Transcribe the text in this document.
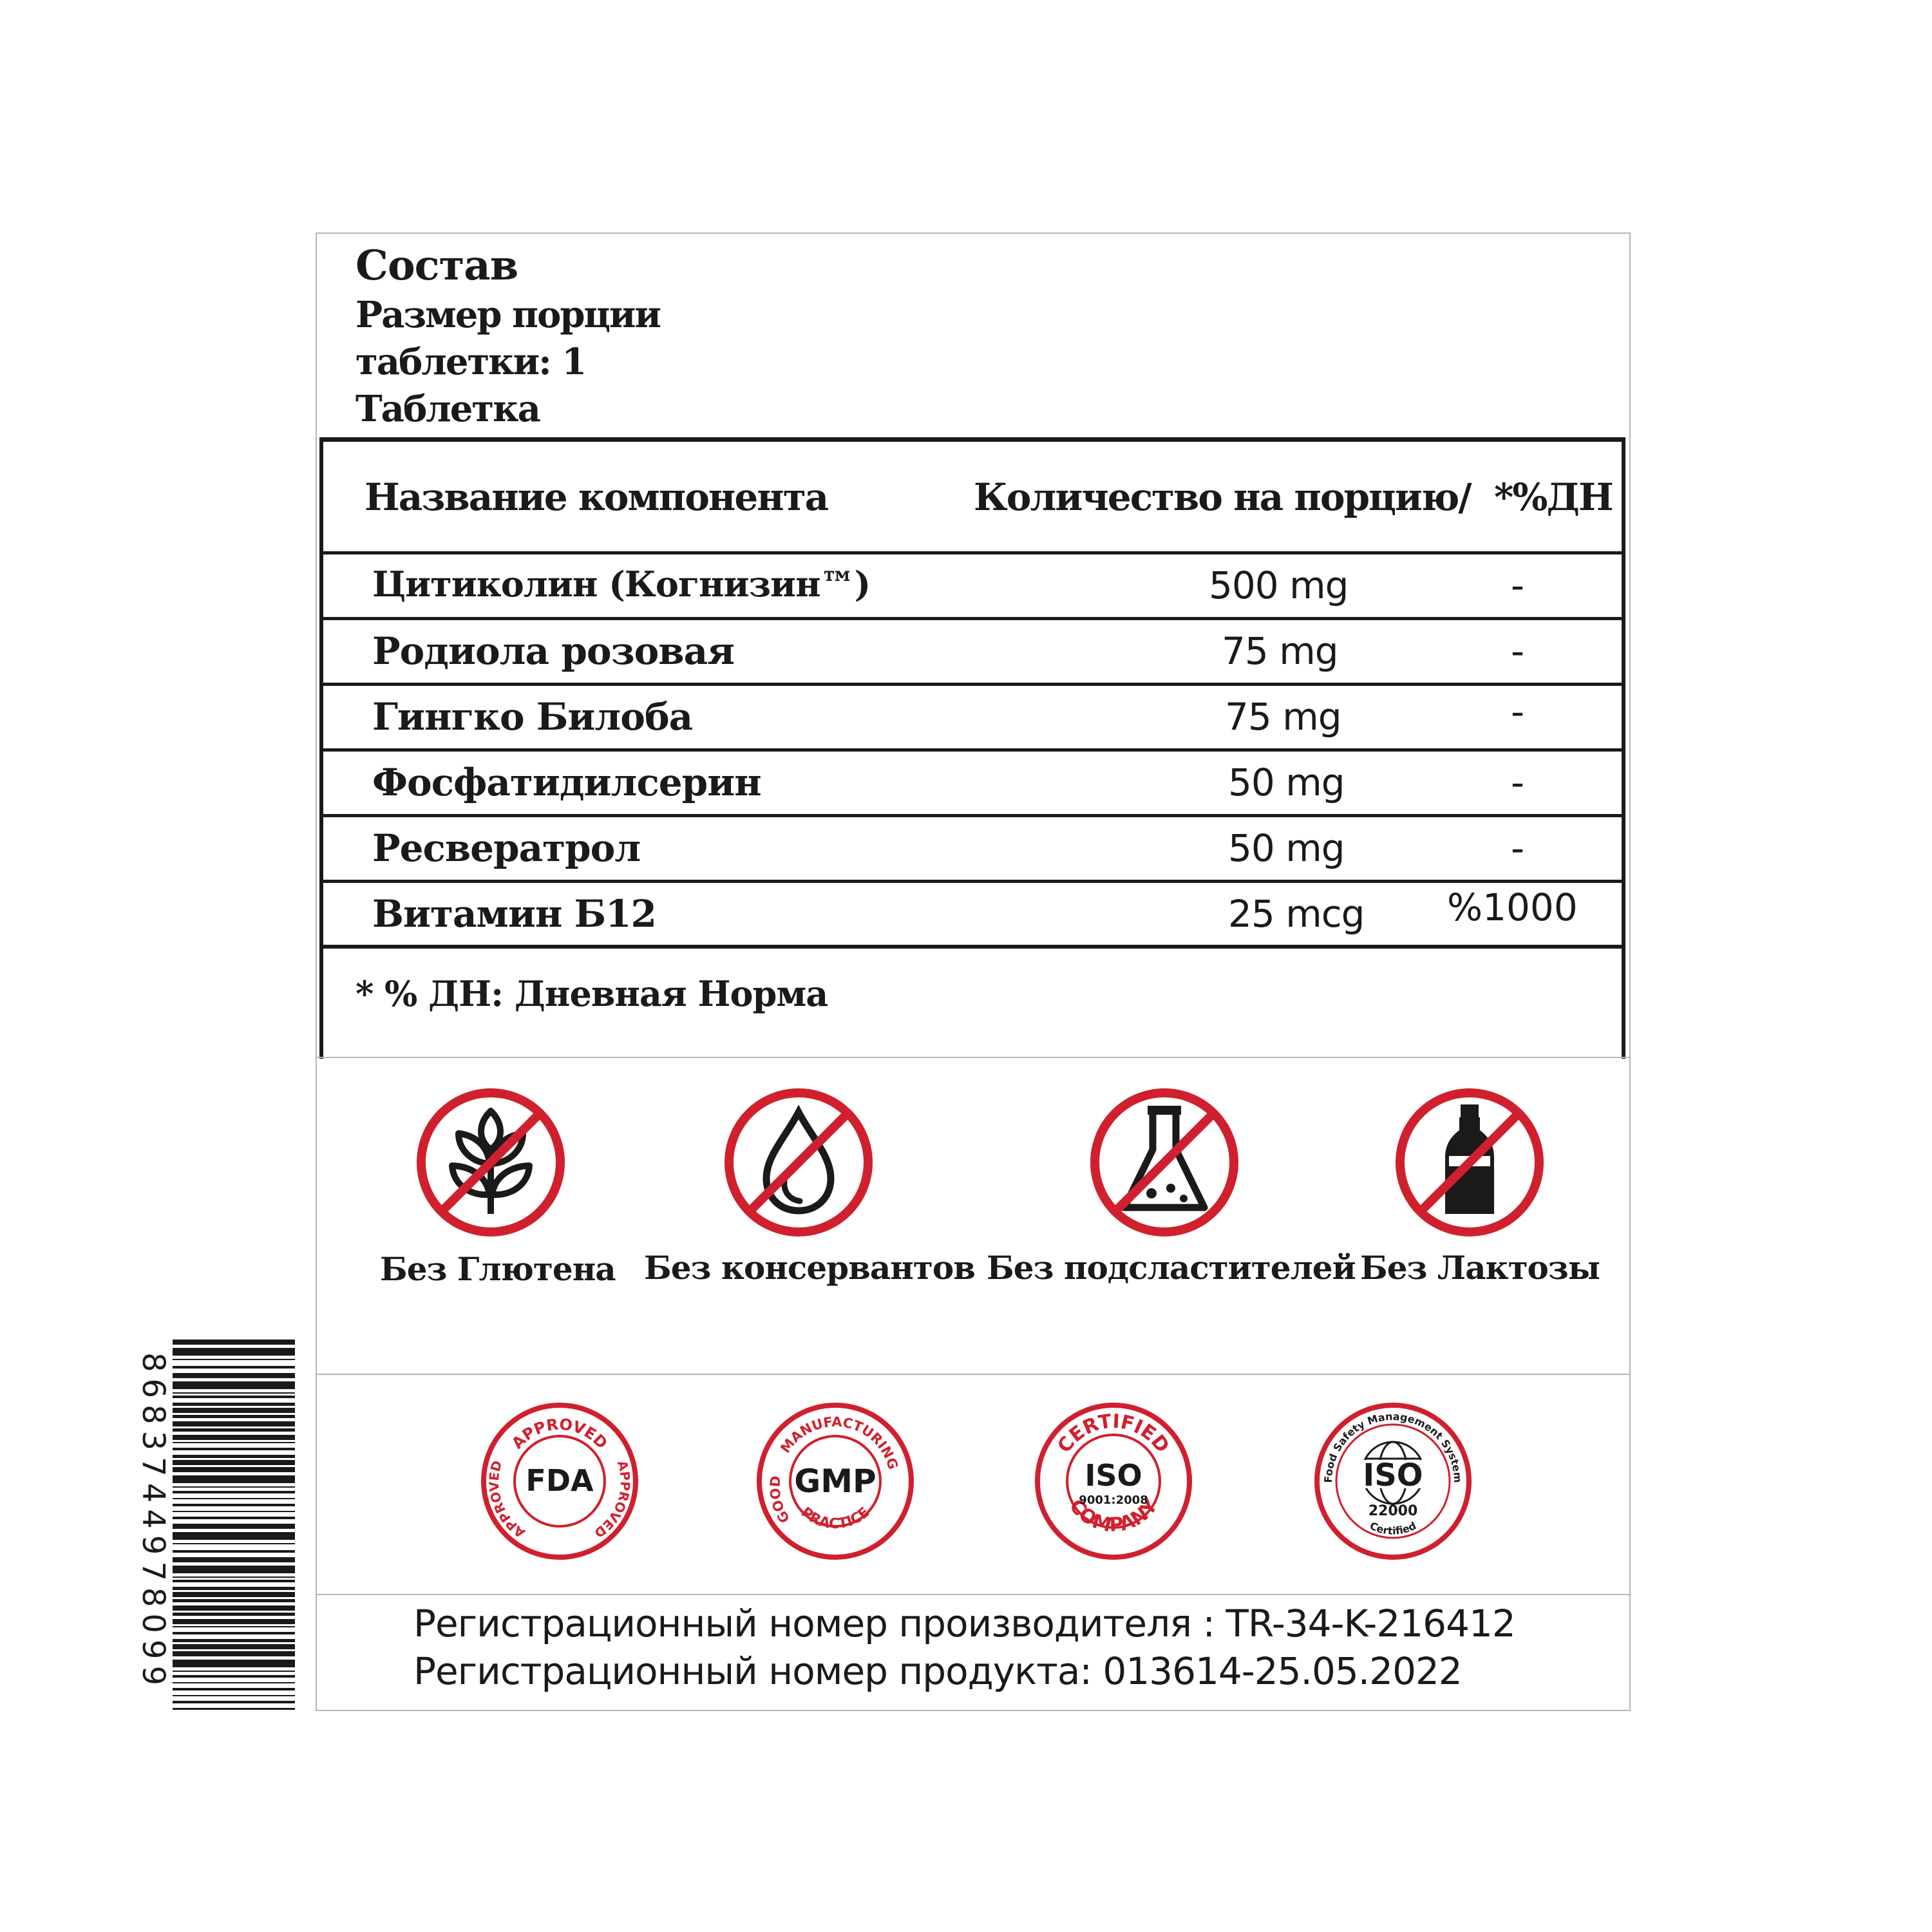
Состав
Размер порции
таблетки: 1
Таблетка
Название компонента	Количество на порцию/ *%ДН
Цитиколин (Когнизин™)	500 mg	-
Родиола розовая	75 mg	-
Гингко Билоба	75 mg	-
Фосфатидилсерин	50 mg	-
Ресвератрол	50 mg	-
Витамин Б12	25 mcg %1000
* % ДН: Дневная Норма
Без Глютена Без консервантов Без подсластителей Без Лактозы
APPROVED
APPROVED	APPROVED
FDA
MANUFACTURING
PRACTICE
GOOD GMP
CERTIFIED
COMPANY
ISO
9001:2008
Food Safety Management System
ISO
22000
Certified
Регистрационный номер производителя : TR-34-K-216412
Регистрационный номер продукта: 013614-25.05.2022
8683744978099
